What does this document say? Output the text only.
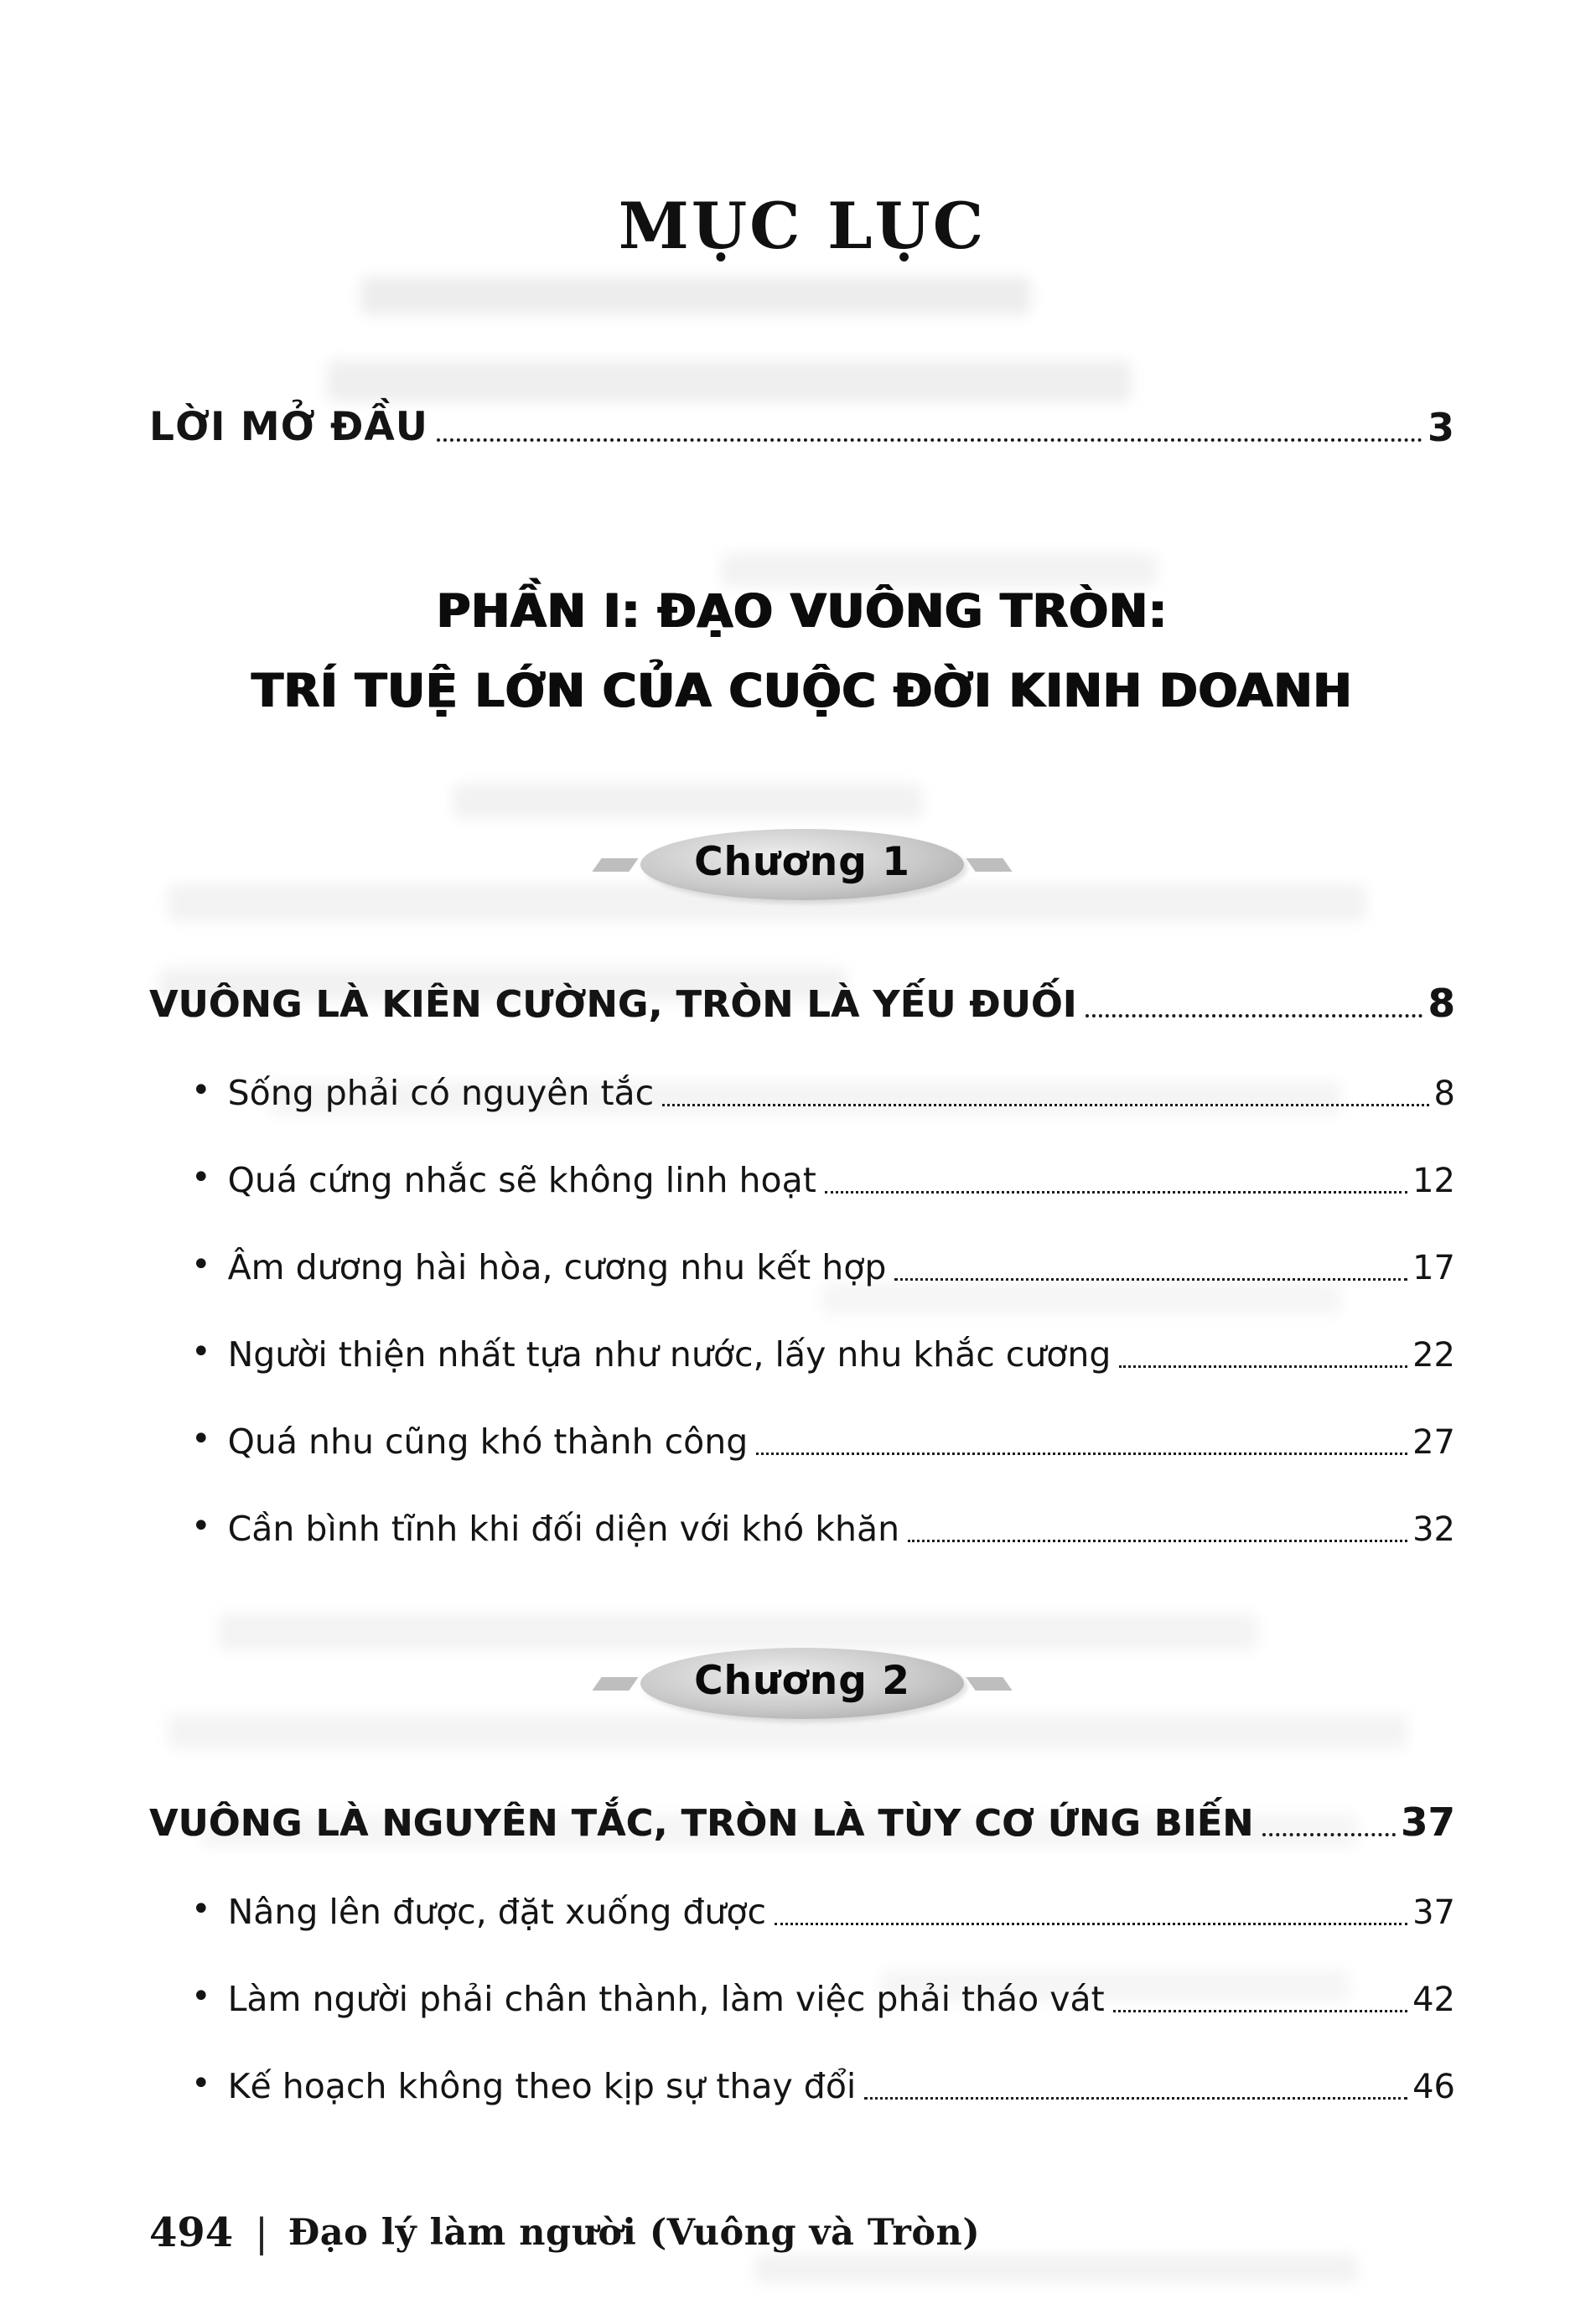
MỤC LỤC
LỜI MỞ ĐẦU	3
PHẦN I: ĐẠO VUÔNG TRÒN:
TRÍ TUỆ LỚN CỦA CUỘC ĐỜI KINH DOANH
Chương 1
VUÔNG LÀ KIÊN CƯỜNG, TRÒN LÀ YẾU ĐUỐI	8
•
Sống phải có nguyên tắc	8
•
Quá cứng nhắc sẽ không linh hoạt	12
•
Âm dương hài hòa, cương nhu kết hợp	17
•
Người thiện nhất tựa như nước, lấy nhu khắc cương	22
•
Quá nhu cũng khó thành công	27
•
Cần bình tĩnh khi đối diện với khó khăn	32
Chương 2
VUÔNG LÀ NGUYÊN TẮC, TRÒN LÀ TÙY CƠ ỨNG BIẾN	37
•
Nâng lên được, đặt xuống được	37
•
Làm người phải chân thành, làm việc phải tháo vát	42
•
Kế hoạch không theo kịp sự thay đổi	46
494 | Đạo lý làm người (Vuông và Tròn)
